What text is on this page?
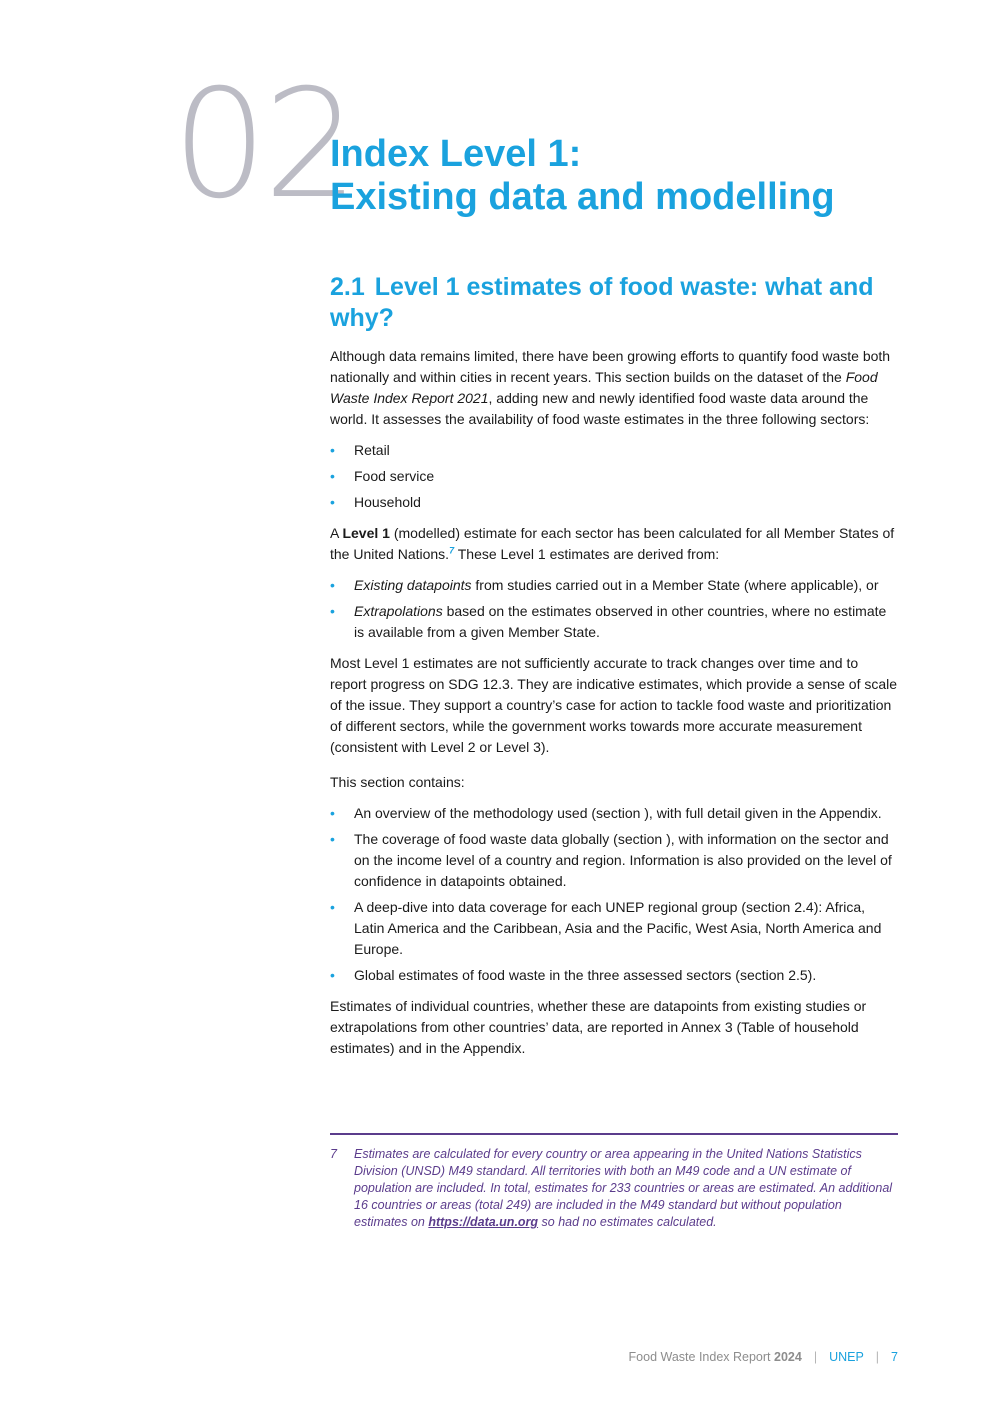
02
Index Level 1:
Existing data and modelling
2.1 Level 1 estimates of food waste: what and why?

Although data remains limited, there have been growing efforts to quantify food waste both nationally and within cities in recent years. This section builds on the dataset of the Food Waste Index Report 2021, adding new and newly identified food waste data around the world. It assesses the availability of food waste estimates in the three following sectors:

• Retail
• Food service
• Household

A Level 1 (modelled) estimate for each sector has been calculated for all Member States of the United Nations.$^7$ These Level 1 estimates are derived from:

• Existing datapoints from studies carried out in a Member State (where applicable), or
• Extrapolations based on the estimates observed in other countries, where no estimate is available from a given Member State.

Most Level 1 estimates are not sufficiently accurate to track changes over time and to report progress on SDG 12.3. They are indicative estimates, which provide a sense of scale of the issue. They support a country’s case for action to tackle food waste and prioritization of different sectors, while the government works towards more accurate measurement (consistent with Level 2 or Level 3).

This section contains:

• An overview of the methodology used (section ), with full detail given in the Appendix.
• The coverage of food waste data globally (section ), with information on the sector and on the income level of a country and region. Information is also provided on the level of confidence in datapoints obtained.
• A deep-dive into data coverage for each UNEP regional group (section 2.4): Africa, Latin America and the Caribbean, Asia and the Pacific, West Asia, North America and Europe.
• Global estimates of food waste in the three assessed sectors (section 2.5).

Estimates of individual countries, whether these are datapoints from existing studies or extrapolations from other countries’ data, are reported in Annex 3 (Table of household estimates) and in the Appendix.

7 Estimates are calculated for every country or area appearing in the United Nations Statistics Division (UNSD) M49 standard. All territories with both an M49 code and a UN estimate of population are included. In total, estimates for 233 countries or areas are estimated. An additional 16 countries or areas (total 249) are included in the M49 standard but without population estimates on https://data.un.org so had no estimates calculated.
Food Waste Index Report 2024 | UNEP | 7
